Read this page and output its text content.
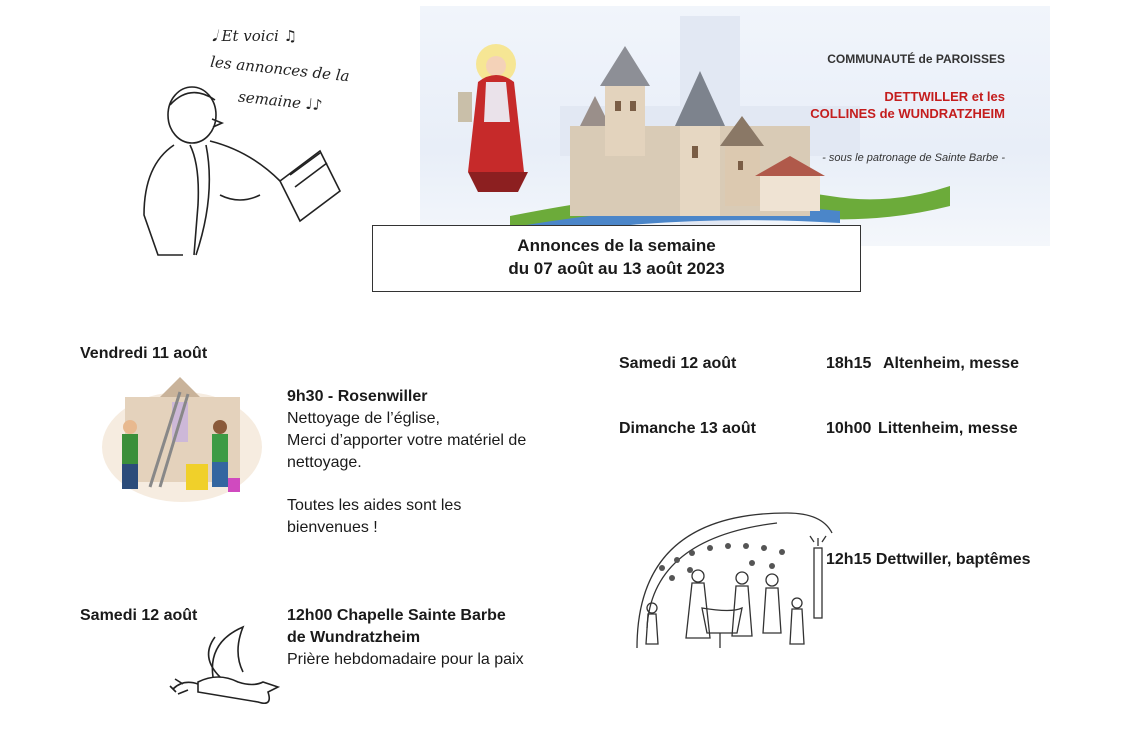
𝅘𝅥 Et voici ♫
les annonces de la
semaine ♩♪
COMMUNAUTÉ de PAROISSES
DETTWILLER et les
COLLINES de WUNDRATZHEIM
- sous le patronage de Sainte Barbe -
Annonces de la semaine
du 07 août au 13 août 2023
Vendredi 11 août
9h30 - Rosenwiller
Nettoyage de l’église,
Merci d’apporter votre matériel de
nettoyage.
Toutes les aides sont les
bienvenues !
Samedi 12 août	12h00 Chapelle Sainte Barbe
de Wundratzheim
Prière hebdomadaire pour la paix
Samedi 12 août	18h15 Altenheim, messe
Dimanche 13 août	10h00 Littenheim, messe
12h15 Dettwiller, baptêmes
